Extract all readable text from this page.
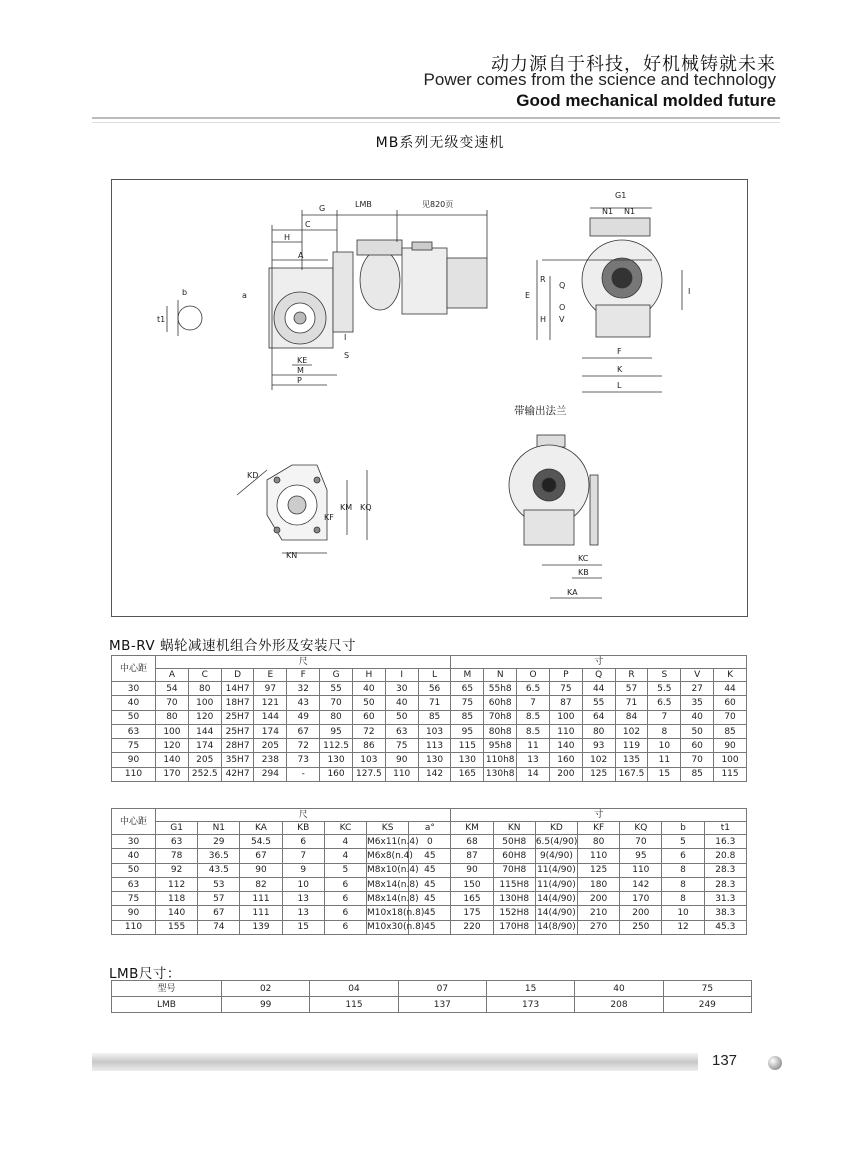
动力源自于科技，好机械铸就未来
Power comes from the science and technology
Good mechanical molded future
MB系列无级变速机
G	LMB	见820页
C
H
A
b
t1
a
I
S
KE
M
P
G1
N1 N1
R
E
Q
O
V
H
F
K
L
I
带输出法兰
KD
KF
KM KQ
KN	KC
KB
KA
MB-RV 蜗轮减速机组合外形及安装尺寸
中心距	尺									寸								
	A	C	D	E	F	G	H	I	L	M	N	O	P	Q	R	S	V	K
30	54	80	14H7	97	32	55	40	30	56	65	55h8	6.5	75	44	57	5.5	27	44
40	70	100	18H7	121	43	70	50	40	71	75	60h8	7	87	55	71	6.5	35	60
50	80	120	25H7	144	49	80	60	50	85	85	70h8	8.5	100	64	84	7	40	70
63	100	144	25H7	174	67	95	72	63	103	95	80h8	8.5	110	80	102	8	50	85
75	120	174	28H7	205	72	112.5	86	75	113	115	95h8	11	140	93	119	10	60	90
90	140	205	35H7	238	73	130	103	90	130	130	110h8	13	160	102	135	11	70	100
110	170	252.5	42H7	294	-	160	127.5	110	142	165	130h8	14	200	125	167.5	15	85	115
中心距	尺							寸						
	G1	N1	KA	KB	KC	KS	a°	KM	KN	KD	KF	KQ	b	t1
30	63	29	54.5	6	4	M6x11(n.4)	0	68	50H8	6.5(4/90)	80	70	5	16.3
40	78	36.5	67	7	4	M6x8(n.4)	45	87	60H8	9(4/90)	110	95	6	20.8
50	92	43.5	90	9	5	M8x10(n.4)	45	90	70H8	11(4/90)	125	110	8	28.3
63	112	53	82	10	6	M8x14(n.8)	45	150	115H8	11(4/90)	180	142	8	28.3
75	118	57	111	13	6	M8x14(n.8)	45	165	130H8	14(4/90)	200	170	8	31.3
90	140	67	111	13	6	M10x18(n.8)	45	175	152H8	14(4/90)	210	200	10	38.3
110	155	74	139	15	6	M10x30(n.8)	45	220	170H8	14(8/90)	270	250	12	45.3
LMB尺寸：
型号	02	04	07	15	40	75
LMB	99	115	137	173	208	249
137
